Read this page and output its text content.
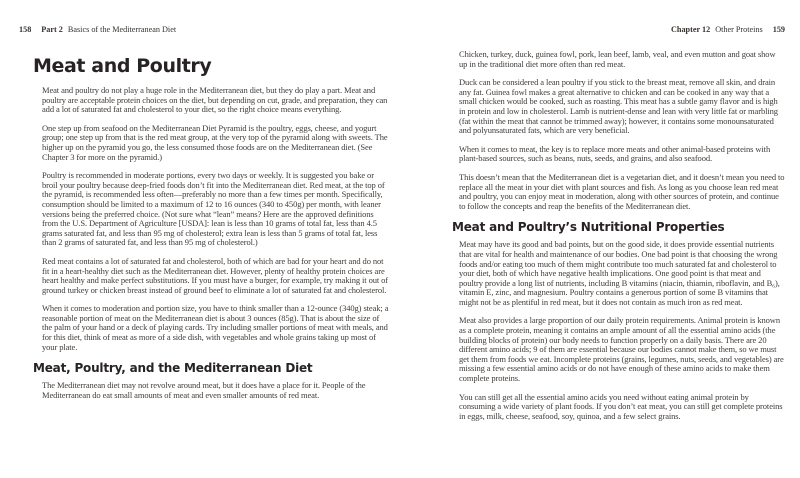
158 Part 2 Basics of the Mediterranean Diet
Meat and Poultry

Meat and poultry do not play a huge role in the Mediterranean diet, but they do play a part. Meat and poultry are acceptable protein choices on the diet, but depending on cut, grade, and preparation, they can add a lot of saturated fat and cholesterol to your diet, so the right choice means everything.

One step up from seafood on the Mediterranean Diet Pyramid is the poultry, eggs, cheese, and yogurt group; one step up from that is the red meat group, at the very top of the pyramid along with sweets. The higher up on the pyramid you go, the less consumed those foods are on the Mediterranean diet. (See Chapter 3 for more on the pyramid.)

Poultry is recommended in moderate portions, every two days or weekly. It is suggested you bake or broil your poultry because deep-fried foods don’t fit into the Mediterranean diet. Red meat, at the top of the pyramid, is recommended less often—preferably no more than a few times per month. Specifically, consumption should be limited to a maximum of 12 to 16 ounces (340 to 450g) per month, with leaner versions being the preferred choice. (Not sure what “lean” means? Here are the approved definitions from the U.S. Department of Agriculture [USDA]: lean is less than 10 grams of total fat, less than 4.5 grams saturated fat, and less than 95 mg of cholesterol; extra lean is less than 5 grams of total fat, less than 2 grams of saturated fat, and less than 95 mg of cholesterol.)

Red meat contains a lot of saturated fat and cholesterol, both of which are bad for your heart and do not fit in a heart-healthy diet such as the Mediterranean diet. However, plenty of healthy protein choices are heart healthy and make perfect substitutions. If you must have a burger, for example, try making it out of ground turkey or chicken breast instead of ground beef to eliminate a lot of saturated fat and cholesterol.

When it comes to moderation and portion size, you have to think smaller than a 12-ounce (340g) steak; a reasonable portion of meat on the Mediterranean diet is about 3 ounces (85g). That is about the size of the palm of your hand or a deck of playing cards. Try including smaller portions of meat with meals, and for this diet, think of meat as more of a side dish, with vegetables and whole grains taking up most of your plate.

Meat, Poultry, and the Mediterranean Diet

The Mediterranean diet may not revolve around meat, but it does have a place for it. People of the Mediterranean do eat small amounts of meat and even smaller amounts of red meat.

Chapter 12 Other Proteins 159

Chicken, turkey, duck, guinea fowl, pork, lean beef, lamb, veal, and even mutton and goat show up in the traditional diet more often than red meat.

Duck can be considered a lean poultry if you stick to the breast meat, remove all skin, and drain any fat. Guinea fowl makes a great alternative to chicken and can be cooked in any way that a small chicken would be cooked, such as roasting. This meat has a subtle gamy flavor and is high in protein and low in cholesterol. Lamb is nutrient-dense and lean with very little fat or marbling (fat within the meat that cannot be trimmed away); however, it contains some monounsaturated and polyunsaturated fats, which are very beneficial.

When it comes to meat, the key is to replace more meats and other animal-based proteins with plant-based sources, such as beans, nuts, seeds, and grains, and also seafood.

This doesn’t mean that the Mediterranean diet is a vegetarian diet, and it doesn’t mean you need to replace all the meat in your diet with plant sources and fish. As long as you choose lean red meat and poultry, you can enjoy meat in moderation, along with other sources of protein, and continue to follow the concepts and reap the benefits of the Mediterranean diet.

Meat and Poultry’s Nutritional Properties

Meat may have its good and bad points, but on the good side, it does provide essential nutrients that are vital for health and maintenance of our bodies. One bad point is that choosing the wrong foods and/or eating too much of them might contribute too much saturated fat and cholesterol to your diet, both of which have negative health implications. One good point is that meat and poultry provide a long list of nutrients, including B vitamins (niacin, thiamin, riboflavin, and B₆), vitamin E, zinc, and magnesium. Poultry contains a generous portion of some B vitamins that might not be as plentiful in red meat, but it does not contain as much iron as red meat.

Meat also provides a large proportion of our daily protein requirements. Animal protein is known as a complete protein, meaning it contains an ample amount of all the essential amino acids (the building blocks of protein) our body needs to function properly on a daily basis. There are 20 different amino acids; 9 of them are essential because our bodies cannot make them, so we must get them from foods we eat. Incomplete proteins (grains, legumes, nuts, seeds, and vegetables) are missing a few essential amino acids or do not have enough of these amino acids to make them complete proteins.

You can still get all the essential amino acids you need without eating animal protein by consuming a wide variety of plant foods. If you don’t eat meat, you can still get complete proteins in eggs, milk, cheese, seafood, soy, quinoa, and a few select grains.
